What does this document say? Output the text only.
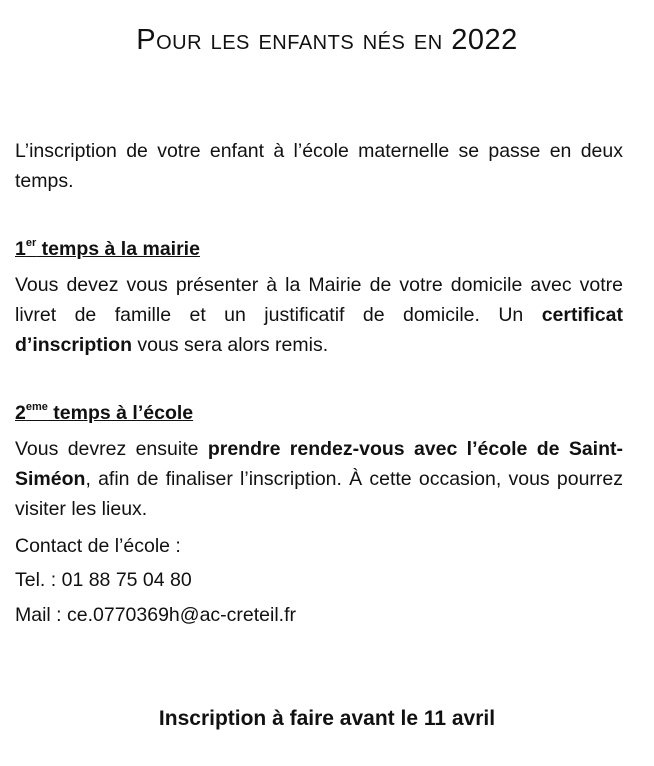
Pour les enfants nés en 2022
L’inscription de votre enfant à l’école maternelle se passe en deux temps.
1er temps à la mairie
Vous devez vous présenter à la Mairie de votre domicile avec votre livret de famille et un justificatif de domicile. Un certificat d’inscription vous sera alors remis.
2eme temps à l’école
Vous devrez ensuite prendre rendez-vous avec l’école de Saint-Siméon, afin de finaliser l’inscription. À cette occasion, vous pourrez visiter les lieux.
Contact de l’école :
Tel. : 01 88 75 04 80
Mail : ce.0770369h@ac-creteil.fr
Inscription à faire avant le 11 avril
